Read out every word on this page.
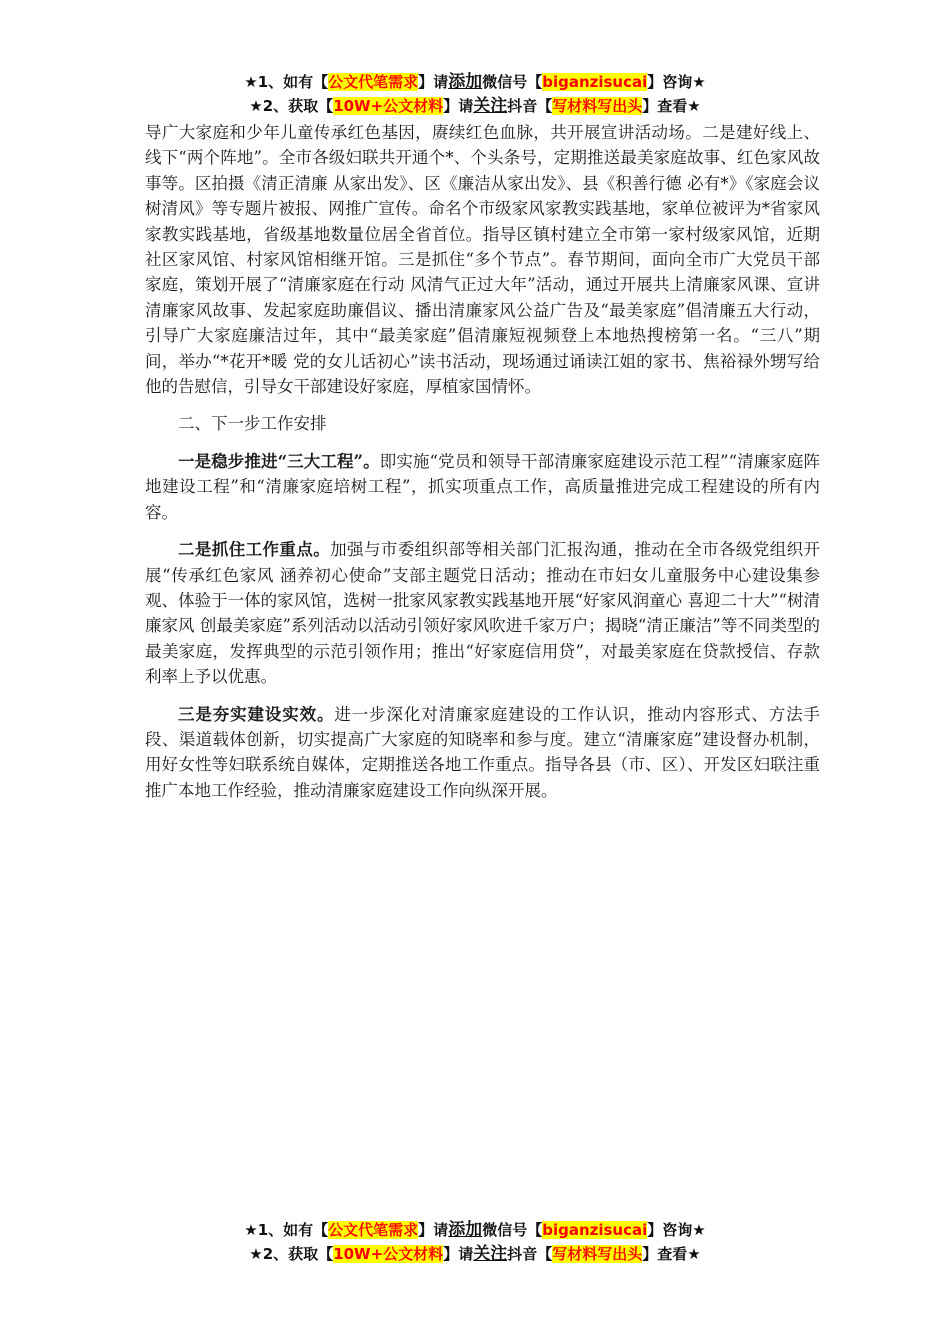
★1、如有【公文代笔需求】请添加微信号【biganzisucai】咨询★
★2、获取【10W+公文材料】请关注抖音【写材料写出头】查看★

导广大家庭和少年儿童传承红色基因，赓续红色血脉，共开展宣讲活动场。二是建好线上、线下“两个阵地”。全市各级妇联共开通个*、个头条号，定期推送最美家庭故事、红色家风故事等。区拍摄《清正清廉 从家出发》、区《廉洁从家出发》、县《积善行德 必有*》《家庭会议树清风》等专题片被报、网推广宣传。命名个市级家风家教实践基地，家单位被评为*省家风家教实践基地，省级基地数量位居全省首位。指导区镇村建立全市第一家村级家风馆，近期社区家风馆、村家风馆相继开馆。三是抓住“多个节点”。春节期间，面向全市广大党员干部家庭，策划开展了“清廉家庭在行动 风清气正过大年”活动，通过开展共上清廉家风课、宣讲清廉家风故事、发起家庭助廉倡议、播出清廉家风公益广告及“最美家庭”倡清廉五大行动，引导广大家庭廉洁过年，其中“最美家庭”倡清廉短视频登上本地热搜榜第一名。“三八”期间，举办“*花开*暖 党的女儿话初心”读书活动，现场通过诵读江姐的家书、焦裕禄外甥写给他的告慰信，引导女干部建设好家庭，厚植家国情怀。

二、下一步工作安排

一是稳步推进“三大工程”。即实施“党员和领导干部清廉家庭建设示范工程”“清廉家庭阵地建设工程”和“清廉家庭培树工程”，抓实项重点工作，高质量推进完成工程建设的所有内容。

二是抓住工作重点。加强与市委组织部等相关部门汇报沟通，推动在全市各级党组织开展“传承红色家风 涵养初心使命”支部主题党日活动；推动在市妇女儿童服务中心建设集参观、体验于一体的家风馆，选树一批家风家教实践基地开展“好家风润童心 喜迎二十大”“树清廉家风 创最美家庭”系列活动以活动引领好家风吹进千家万户；揭晓“清正廉洁”等不同类型的最美家庭，发挥典型的示范引领作用；推出“好家庭信用贷”，对最美家庭在贷款授信、存款利率上予以优惠。

三是夯实建设实效。进一步深化对清廉家庭建设的工作认识，推动内容形式、方法手段、渠道载体创新，切实提高广大家庭的知晓率和参与度。建立“清廉家庭”建设督办机制，用好女性等妇联系统自媒体，定期推送各地工作重点。指导各县（市、区）、开发区妇联注重推广本地工作经验，推动清廉家庭建设工作向纵深开展。

★1、如有【公文代笔需求】请添加微信号【biganzisucai】咨询★
★2、获取【10W+公文材料】请关注抖音【写材料写出头】查看★
